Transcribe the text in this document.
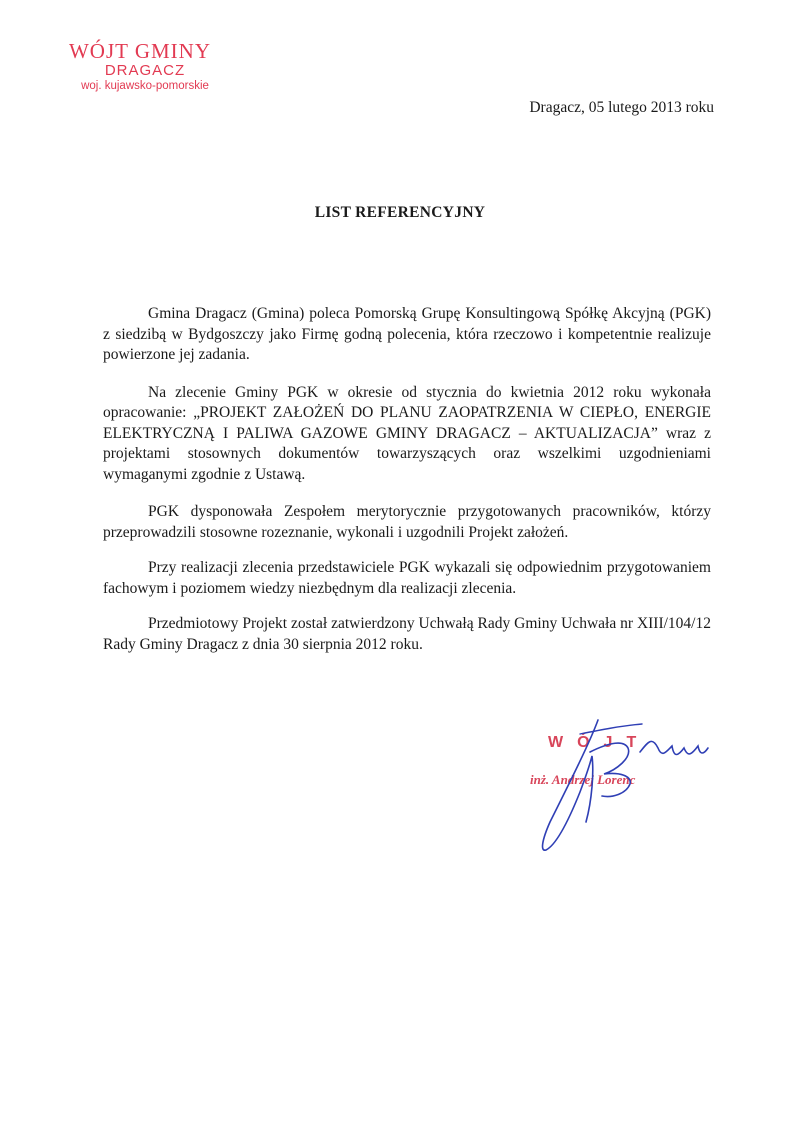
WÓJT GMINY
DRAGACZ
woj. kujawsko-pomorskie
Dragacz, 05 lutego 2013 roku
LIST REFERENCYJNY

Gmina Dragacz (Gmina) poleca Pomorską Grupę Konsultingową Spółkę Akcyjną (PGK) z siedzibą w Bydgoszczy jako Firmę godną polecenia, która rzeczowo i kompetentnie realizuje powierzone jej zadania.

Na zlecenie Gminy PGK w okresie od stycznia do kwietnia 2012 roku wykonała opracowanie: „PROJEKT ZAŁOŻEŃ DO PLANU ZAOPATRZENIA W CIEPŁO, ENERGIE ELEKTRYCZNĄ I PALIWA GAZOWE GMINY DRAGACZ – AKTUALIZACJA” wraz z projektami stosownych dokumentów towarzyszących oraz wszelkimi uzgodnieniami wymaganymi zgodnie z Ustawą.

PGK dysponowała Zespołem merytorycznie przygotowanych pracowników, którzy przeprowadzili stosowne rozeznanie, wykonali i uzgodnili Projekt założeń.

Przy realizacji zlecenia przedstawiciele PGK wykazali się odpowiednim przygotowaniem fachowym i poziomem wiedzy niezbędnym dla realizacji zlecenia.

Przedmiotowy Projekt został zatwierdzony Uchwałą Rady Gminy Uchwała nr XIII/104/12 Rady Gminy Dragacz z dnia 30 sierpnia 2012 roku.

WÓJT
inż. Andrzej Lorenc
